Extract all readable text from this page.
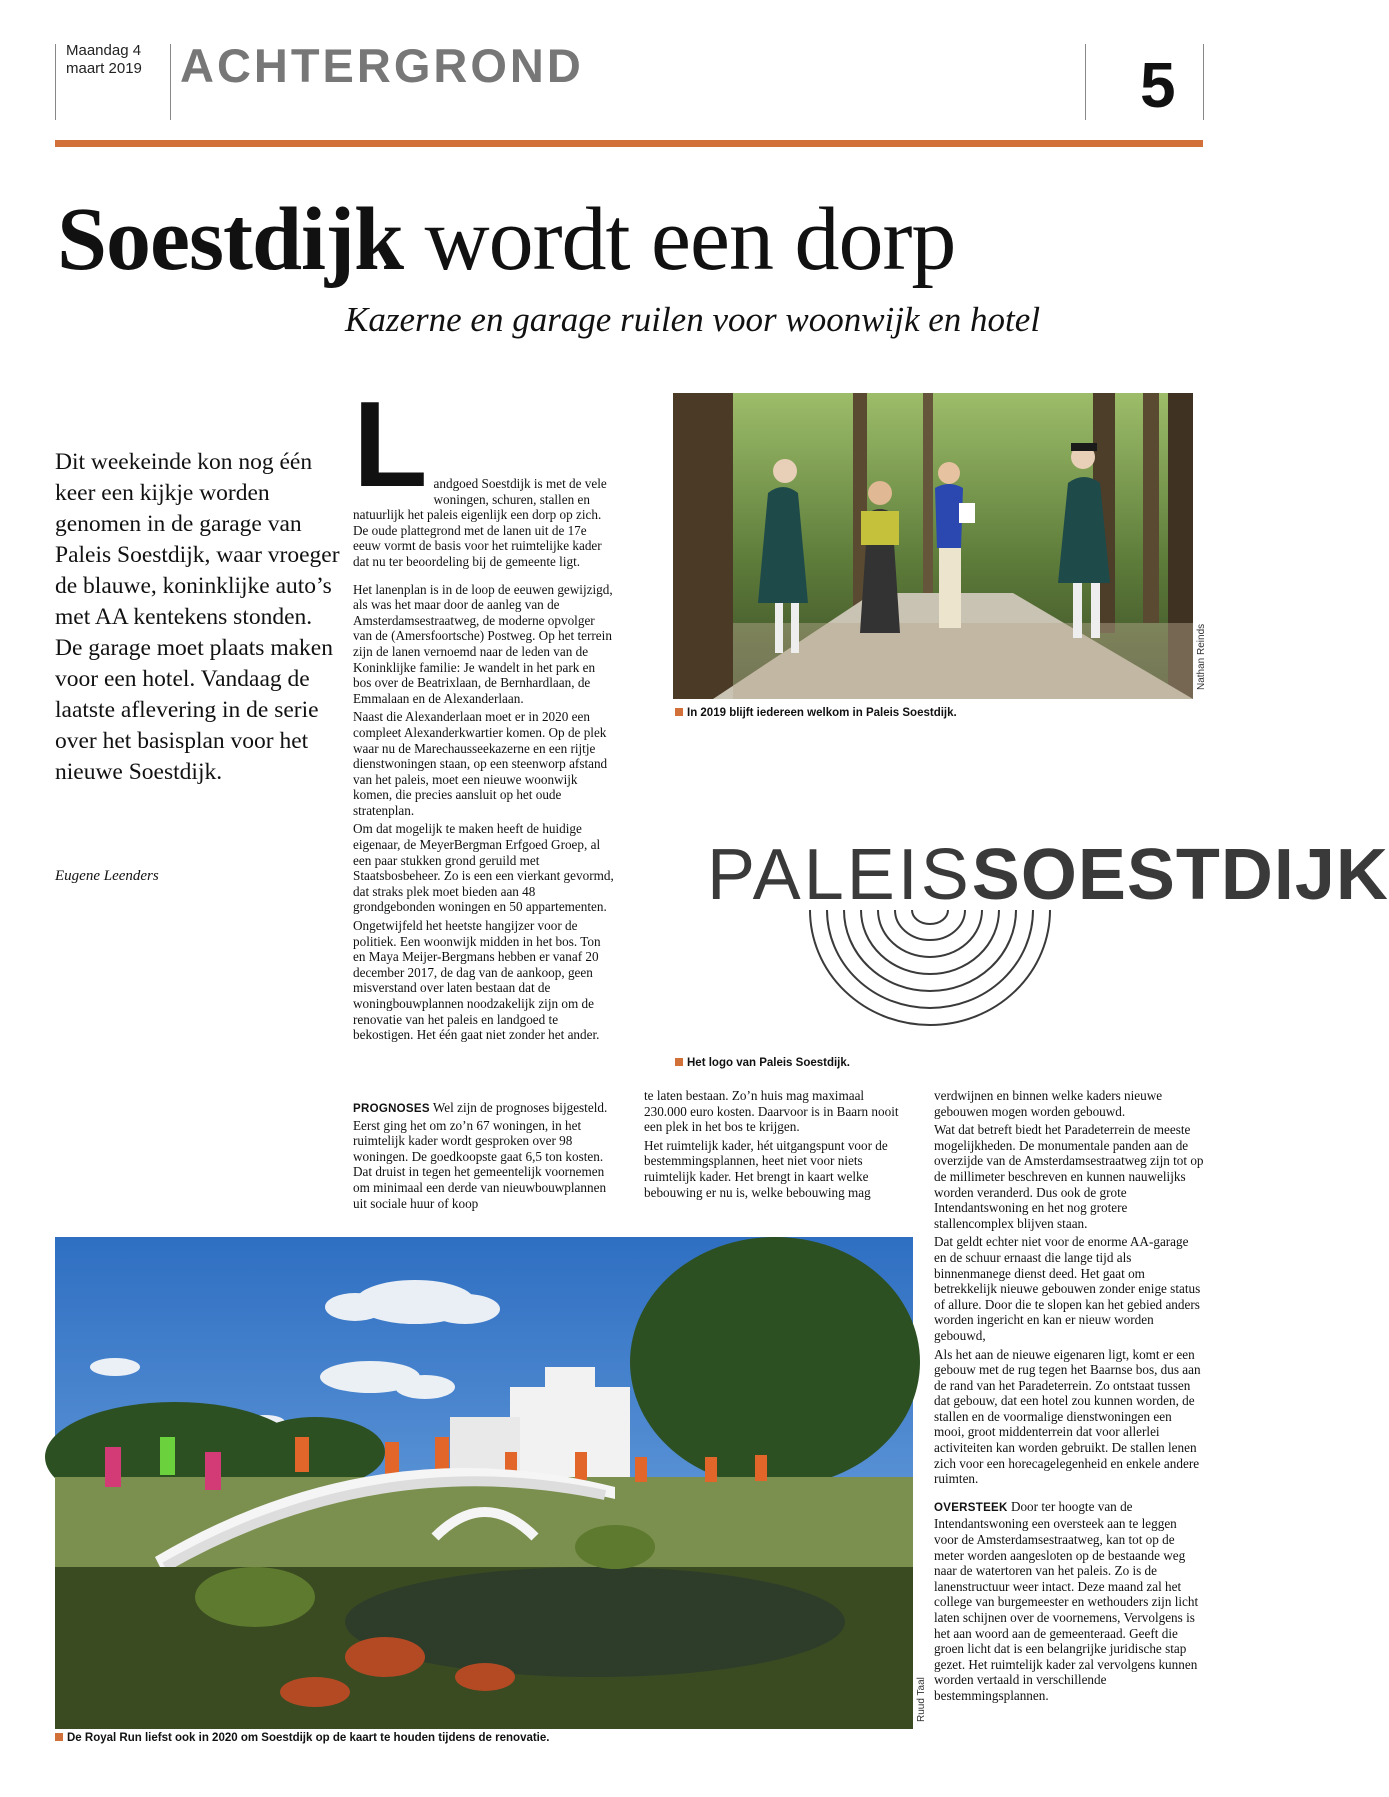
Maandag 4
maart 2019 ACHTERGROND	5
Soestdijk wordt een dorp
Kazerne en garage ruilen voor woonwijk en hotel
Dit weekeinde kon nog één keer een kijkje worden genomen in de garage van Paleis Soestdijk, waar vroeger de blauwe, koninklijke auto’s met AA kentekens stonden. De garage moet plaats maken voor een hotel. Vandaag de laatste aflevering in de serie over het basisplan voor het nieuwe Soestdijk.
Eugene Leenders
L andgoed Soestdijk is met de vele woningen, schuren, stallen en natuurlijk het paleis eigenlijk een dorp op zich. De oude plattegrond met de lanen uit de 17e eeuw vormt de basis voor het ruimtelijke kader dat nu ter beoordeling bij de gemeente ligt.

Het lanenplan is in de loop de eeuwen gewijzigd, als was het maar door de aanleg van de Amsterdamsestraatweg, de moderne opvolger van de (Amersfoortsche) Postweg. Op het terrein zijn de lanen vernoemd naar de leden van de Koninklijke familie: Je wandelt in het park en bos over de Beatrixlaan, de Bernhardlaan, de Emmalaan en de Alexanderlaan.

Naast die Alexanderlaan moet er in 2020 een compleet Alexanderkwartier komen. Op de plek waar nu de Marechausseekazerne en een rijtje dienstwoningen staan, op een steenworp afstand van het paleis, moet een nieuwe woonwijk komen, die precies aansluit op het oude stratenplan.

Om dat mogelijk te maken heeft de huidige eigenaar, de MeyerBergman Erfgoed Groep, al een paar stukken grond geruild met Staatsbosbeheer. Zo is een een vierkant gevormd, dat straks plek moet bieden aan 48 grondgebonden woningen en 50 appartementen.

Ongetwijfeld het heetste hangijzer voor de politiek. Een woonwijk midden in het bos. Ton en Maya Meijer-Bergmans hebben er vanaf 20 december 2017, de dag van de aankoop, geen misverstand over laten bestaan dat de woningbouwplannen noodzakelijk zijn om de renovatie van het paleis en landgoed te bekostigen. Het één gaat niet zonder het ander.

PROGNOSES Wel zijn de prognoses bijgesteld. Eerst ging het om zo’n 67 woningen, in het ruimtelijk kader wordt gesproken over 98 woningen. De goedkoopste gaat 6,5 ton kosten. Dat druist in tegen het gemeentelijk voornemen om minimaal een derde van nieuwbouwplannen uit sociale huur of koop

te laten bestaan. Zo’n huis mag maximaal 230.000 euro kosten. Daarvoor is in Baarn nooit een plek in het bos te krijgen.

Het ruimtelijk kader, hét uitgangspunt voor de bestemmingsplannen, heet niet voor niets ruimtelijk kader. Het brengt in kaart welke bebouwing er nu is, welke bebouwing mag

verdwijnen en binnen welke kaders nieuwe gebouwen mogen worden gebouwd.

Wat dat betreft biedt het Paradeterrein de meeste mogelijkheden. De monumentale panden aan de overzijde van de Amsterdamsestraatweg zijn tot op de millimeter beschreven en kunnen nauwelijks worden veranderd. Dus ook de grote Intendantswoning en het nog grotere stallencomplex blijven staan.

Dat geldt echter niet voor de enorme AA-garage en de schuur ernaast die lange tijd als binnenmanege dienst deed. Het gaat om betrekkelijk nieuwe gebouwen zonder enige status of allure. Door die te slopen kan het gebied anders worden ingericht en kan er nieuw worden gebouwd,

Als het aan de nieuwe eigenaren ligt, komt er een gebouw met de rug tegen het Baarnse bos, dus aan de rand van het Paradeterrein. Zo ontstaat tussen dat gebouw, dat een hotel zou kunnen worden, de stallen en de voormalige dienstwoningen een mooi, groot middenterrein dat voor allerlei activiteiten kan worden gebruikt. De stallen lenen zich voor een horecagelegenheid en enkele andere ruimten.

OVERSTEEK Door ter hoogte van de Intendantswoning een oversteek aan te leggen voor de Amsterdamsestraatweg, kan tot op de meter worden aangesloten op de bestaande weg naar de watertoren van het paleis. Zo is de lanenstructuur weer intact. Deze maand zal het college van burgemeester en wethouders zijn licht laten schijnen over de voornemens, Vervolgens is het aan woord aan de gemeenteraad. Geeft die groen licht dat is een belangrijke juridische stap gezet. Het ruimtelijk kader zal vervolgens kunnen worden vertaald in verschillende bestemmingsplannen.

Nathan Reinds
In 2019 blijft iedereen welkom in Paleis Soestdijk.
PALEISSOESTDIJK
Het logo van Paleis Soestdijk.
Ruud Taal
De Royal Run liefst ook in 2020 om Soestdijk op de kaart te houden tijdens de renovatie.
